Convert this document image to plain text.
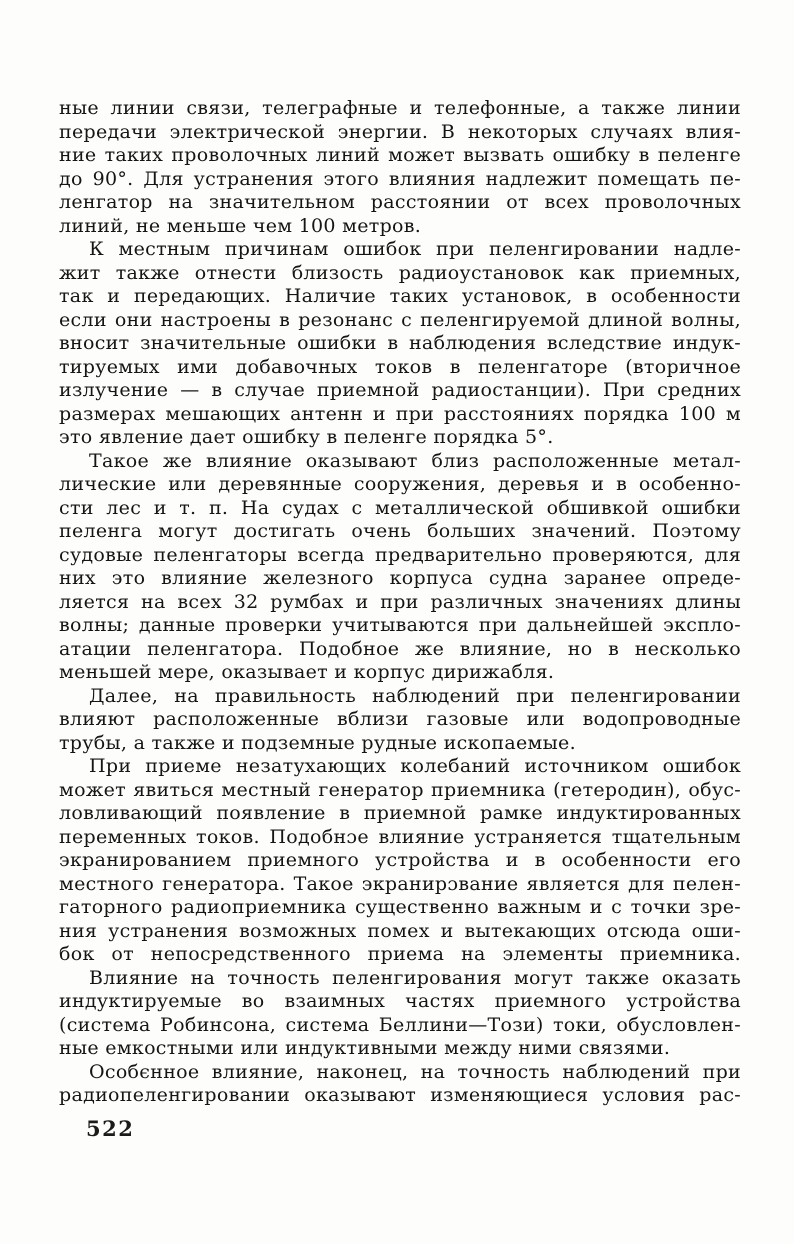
ные линии связи, телеграфные и телефонные, а также линии
передачи электрической энергии. В некоторых случаях влия-
ние таких проволочных линий может вызвать ошибку в пеленге
до 90°. Для устранения этого влияния надлежит помещать пе-
ленгатор на значительном расстоянии от всех проволочных
линий, не меньше чем 100 метров.
К местным причинам ошибок при пеленгировании надле-
жит также отнести близость радиоустановок как приемных,
так и передающих. Наличие таких установок, в особенности
если они настроены в резонанс с пеленгируемой длиной волны,
вносит значительные ошибки в наблюдения вследствие индук-
тируемых ими добавочных токов в пеленгаторе (вторичное
излучение — в случае приемной радиостанции). При средних
размерах мешающих антенн и при расстояниях порядка 100 м
это явление дает ошибку в пеленге порядка 5°.
Такое же влияние оказывают близ расположенные метал-
лические или деревянные сооружения, деревья и в особенно-
сти лес и т. п. На судах с металлической обшивкой ошибки
пеленга могут достигать очень больших значений. Поэтому
судовые пеленгаторы всегда предварительно проверяются, для
них это влияние железного корпуса судна заранее опреде-
ляется на всех 32 румбах и при различных значениях длины
волны; данные проверки учитываются при дальнейшей экспло-
атации пеленгатора. Подобное же влияние, но в несколько
меньшей мере, оказывает и корпус дирижабля.
Далее, на правильность наблюдений при пеленгировании
влияют расположенные вблизи газовые или водопроводные
трубы, а также и подземные рудные ископаемые.
При приеме незатухающих колебаний источником ошибок
может явиться местный генератор приемника (гетеродин), обус-
ловливающий появление в приемной рамке индуктированных
переменных токов. Подобнɔе влияние устраняется тщательным
экранированием приемного устройства и в особенности его
местного генератора. Такое экранирɔвание является для пелен-
гаторного радиоприемника существенно важным и с точки зре-
ния устранения возможных помех и вытекающих отсюда оши-
бок от непосредственного приема на элементы приемника.
Влияние на точность пеленгирования могут также оказать
индуктируемые во взаимных частях приемного устройства
(система Робинсона, система Беллини—Този) токи, обусловлен-
ные емкостными или индуктивными между ними связями.
Особєнное влияние, наконец, на точность наблюдений при
радиопеленгировании оказывают изменяющиеся условия рас-
522
